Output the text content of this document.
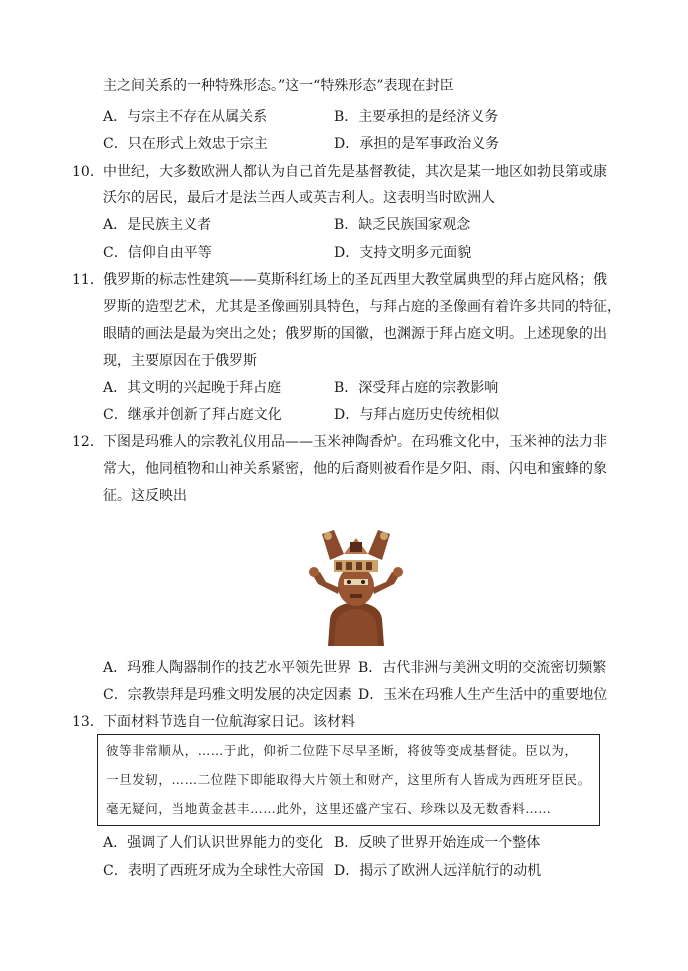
主之间关系的一种特殊形态。”这一“特殊形态”表现在封臣
A．与宗主不存在从属关系	B．主要承担的是经济义务
C．只在形式上效忠于宗主	D．承担的是军事政治义务
10． 中世纪，大多数欧洲人都认为自己首先是基督教徒，其次是某一地区如勃艮第或康
沃尔的居民，最后才是法兰西人或英吉利人。这表明当时欧洲人
A．是民族主义者	B．缺乏民族国家观念
C．信仰自由平等	D．支持文明多元面貌
11． 俄罗斯的标志性建筑——莫斯科红场上的圣瓦西里大教堂属典型的拜占庭风格；俄
罗斯的造型艺术，尤其是圣像画别具特色，与拜占庭的圣像画有着许多共同的特征，
眼睛的画法是最为突出之处；俄罗斯的国徽，也渊源于拜占庭文明。上述现象的出
现，主要原因在于俄罗斯
A．其文明的兴起晚于拜占庭	B．深受拜占庭的宗教影响
C．继承并创新了拜占庭文化	D．与拜占庭历史传统相似
12． 下图是玛雅人的宗教礼仪用品——玉米神陶香炉。在玛雅文化中，玉米神的法力非
常大，他同植物和山神关系紧密，他的后裔则被看作是夕阳、雨、闪电和蜜蜂的象
征。这反映出
A．玛雅人陶器制作的技艺水平领先世界 B．古代非洲与美洲文明的交流密切频繁
C．宗教崇拜是玛雅文明发展的决定因素 D．玉米在玛雅人生产生活中的重要地位
13． 下面材料节选自一位航海家日记。该材料
彼等非常顺从，……于此，仰祈二位陛下尽早圣断，将彼等变成基督徒。臣以为，
一旦发轫，……二位陛下即能取得大片领土和财产，这里所有人皆成为西班牙臣民。
毫无疑问，当地黄金甚丰……此外，这里还盛产宝石、珍珠以及无数香料……
A．强调了人们认识世界能力的变化 B．反映了世界开始连成一个整体
C．表明了西班牙成为全球性大帝国 D．揭示了欧洲人远洋航行的动机
